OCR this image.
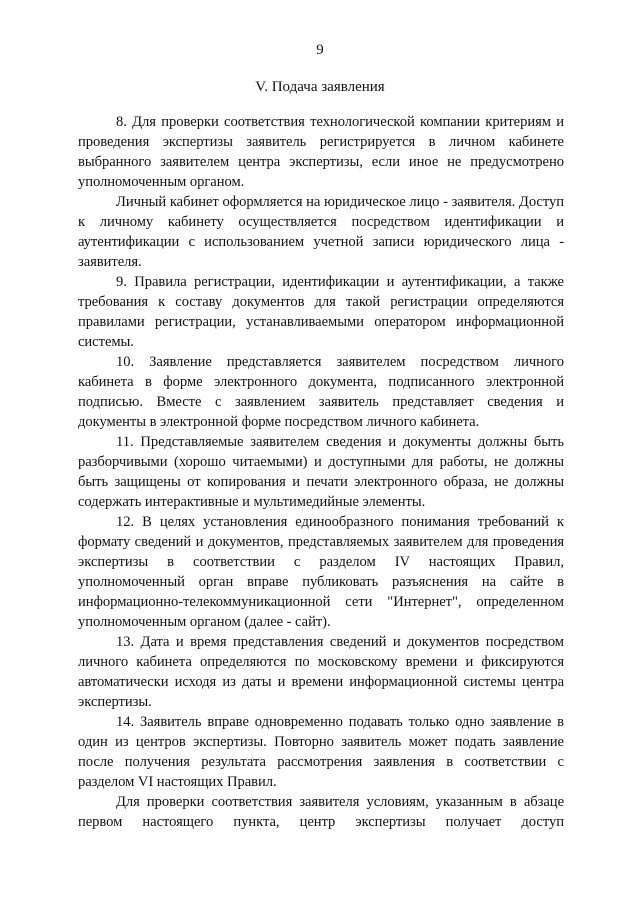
9
V. Подача заявления

8. Для проверки соответствия технологической компании критериям и проведения экспертизы заявитель регистрируется в личном кабинете выбранного заявителем центра экспертизы, если иное не предусмотрено уполномоченным органом.

Личный кабинет оформляется на юридическое лицо - заявителя. Доступ к личному кабинету осуществляется посредством идентификации и аутентификации с использованием учетной записи юридического лица - заявителя.

9. Правила регистрации, идентификации и аутентификации, а также требования к составу документов для такой регистрации определяются правилами регистрации, устанавливаемыми оператором информационной системы.

10. Заявление представляется заявителем посредством личного кабинета в форме электронного документа, подписанного электронной подписью. Вместе с заявлением заявитель представляет сведения и документы в электронной форме посредством личного кабинета.

11. Представляемые заявителем сведения и документы должны быть разборчивыми (хорошо читаемыми) и доступными для работы, не должны быть защищены от копирования и печати электронного образа, не должны содержать интерактивные и мультимедийные элементы.

12. В целях установления единообразного понимания требований к формату сведений и документов, представляемых заявителем для проведения экспертизы в соответствии с разделом IV настоящих Правил, уполномоченный орган вправе публиковать разъяснения на сайте в информационно-телекоммуникационной сети "Интернет", определенном уполномоченным органом (далее - сайт).

13. Дата и время представления сведений и документов посредством личного кабинета определяются по московскому времени и фиксируются автоматически исходя из даты и времени информационной системы центра экспертизы.

14. Заявитель вправе одновременно подавать только одно заявление в один из центров экспертизы. Повторно заявитель может подать заявление после получения результата рассмотрения заявления в соответствии с разделом VI настоящих Правил.

Для проверки соответствия заявителя условиям, указанным в абзаце первом настоящего пункта, центр экспертизы получает доступ
